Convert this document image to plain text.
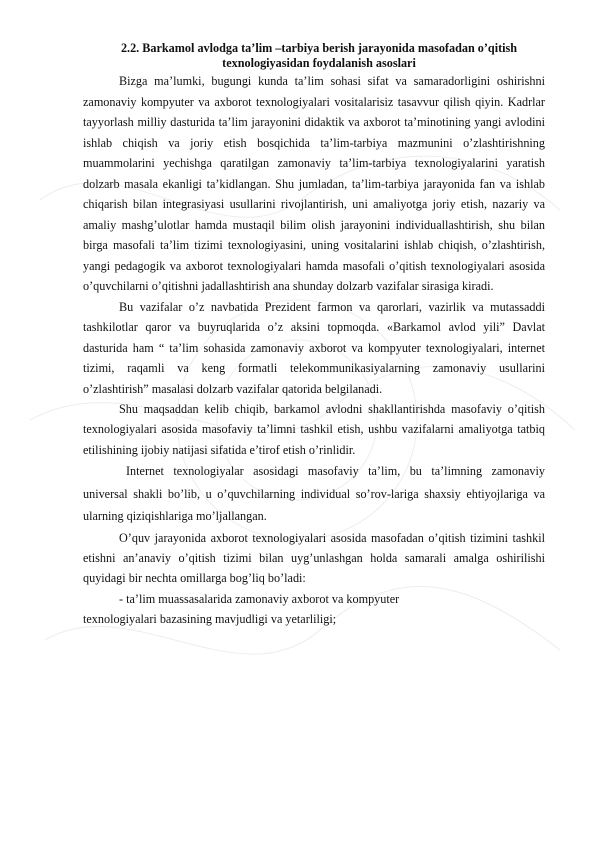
2.2. Barkamol avlodga ta’lim –tarbiya berish jarayonida masofadan o’qitish texnologiyasidan foydalanish asoslari

Bizga ma’lumki, bugungi kunda ta’lim sohasi sifat va samaradorligini oshirishni zamonaviy kompyuter va axborot texnologiyalari vositalarisiz tasavvur qilish qiyin. Kadrlar tayyorlash milliy dasturida ta’lim jarayonini didaktik va axborot ta’minotining yangi avlodini ishlab chiqish va joriy etish bosqichida ta’lim-tarbiya mazmunini o’zlashtirishning muammolarini yechishga qaratilgan zamonaviy ta’lim-tarbiya texnologiyalarini yaratish dolzarb masala ekanligi ta’kidlangan. Shu jumladan, ta’lim-tarbiya jarayonida fan va ishlab chiqarish bilan integrasiyasi usullarini rivojlantirish, uni amaliyotga joriy etish, nazariy va amaliy mashg’ulotlar hamda mustaqil bilim olish jarayonini individuallashtirish, shu bilan birga masofali ta’lim tizimi texnologiyasini, uning vositalarini ishlab chiqish, o’zlashtirish, yangi pedagogik va axborot texnologiyalari hamda masofali o’qitish texnologiyalari asosida o’quvchilarni o’qitishni jadallashtirish ana shunday dolzarb vazifalar sirasiga kiradi.

Bu vazifalar o’z navbatida Prezident farmon va qarorlari, vazirlik va mutassaddi tashkilotlar qaror va buyruqlarida o’z aksini topmoqda. «Barkamol avlod yili” Davlat dasturida ham “ ta’lim sohasida zamonaviy axborot va kompyuter texnologiyalari, internet tizimi, raqamli va keng formatli telekommunikasiyalarning zamonaviy usullarini o’zlashtirish” masalasi dolzarb vazifalar qatorida belgilanadi.

Shu maqsaddan kelib chiqib, barkamol avlodni shakllantirishda masofaviy o’qitish texnologiyalari asosida masofaviy ta’limni tashkil etish, ushbu vazifalarni amaliyotga tatbiq etilishining ijobiy natijasi sifatida e’tirof etish o’rinlidir.

Internet texnologiyalar asosidagi masofaviy ta’lim, bu ta’limning zamonaviy universal shakli bo’lib, u o’quvchilarning individual so’rov-lariga shaxsiy ehtiyojlariga va ularning qiziqishlariga mo’ljallangan.

O’quv jarayonida axborot texnologiyalari asosida masofadan o’qitish tizimini tashkil etishni an’anaviy o’qitish tizimi bilan uyg’unlashgan holda samarali amalga oshirilishi quyidagi bir nechta omillarga bog’liq bo’ladi:

- ta’lim muassasalarida zamonaviy axborot va kompyuter

texnologiyalari bazasining mavjudligi va yetarliligi;
